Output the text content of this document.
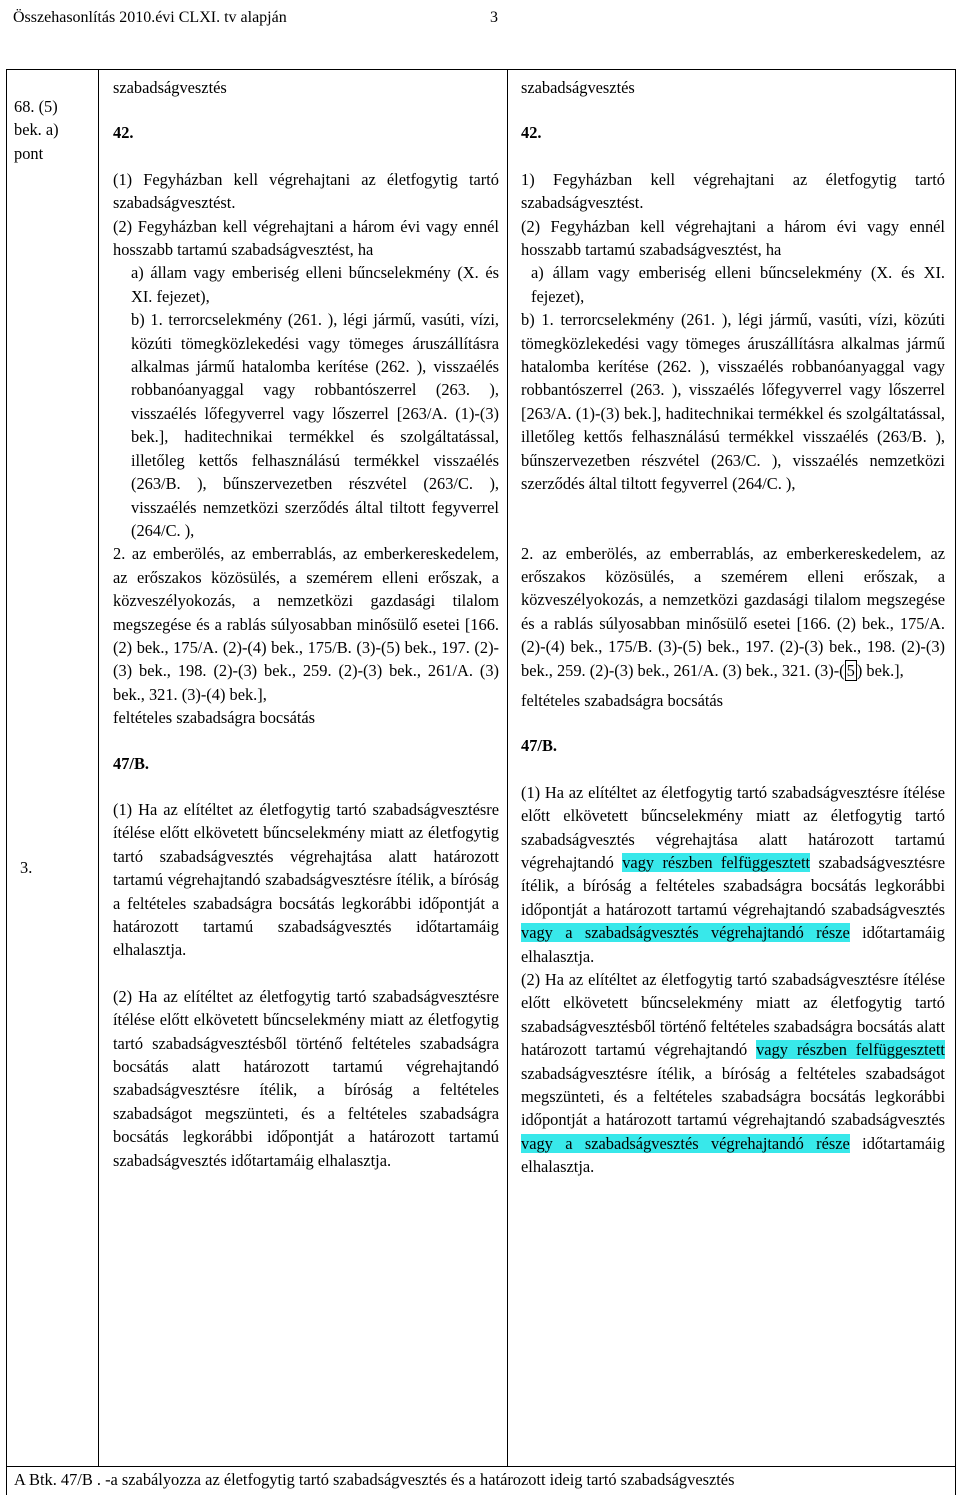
Összehasonlítás 2010.évi CLXI. tv alapján	3
68. (5) bek. a) pont
3.
szabadságvesztés
42.
(1) Fegyházban kell végrehajtani az életfogytig tartó szabadságvesztést.
(2) Fegyházban kell végrehajtani a három évi vagy ennél hosszabb tartamú szabadságvesztést, ha
a) állam vagy emberiség elleni bűncselekmény (X. és XI. fejezet),
b) 1. terrorcselekmény (261. ), légi jármű, vasúti, vízi, közúti tömegközlekedési vagy tömeges áruszállításra alkalmas jármű hatalomba kerítése (262. ), visszaélés robbanóanyaggal vagy robbantószerrel (263. ), visszaélés lőfegyverrel vagy lőszerrel [263/A. (1)-(3) bek.], haditechnikai termékkel és szolgáltatással, illetőleg kettős felhasználású termékkel visszaélés (263/B. ), bűnszervezetben részvétel (263/C. ), visszaélés nemzetközi szerződés által tiltott fegyverrel (264/C. ),
2. az emberölés, az emberrablás, az emberkereskedelem, az erőszakos közösülés, a szemérem elleni erőszak, a közveszélyokozás, a nemzetközi gazdasági tilalom megszegése és a rablás súlyosabban minősülő esetei [166. (2) bek., 175/A. (2)-(4) bek., 175/B. (3)-(5) bek., 197. (2)-(3) bek., 198. (2)-(3) bek., 259. (2)-(3) bek., 261/A. (3) bek., 321. (3)-(4) bek.],
feltételes szabadságra bocsátás
47/B.
(1) Ha az elítéltet az életfogytig tartó szabadságvesztésre ítélése előtt elkövetett bűncselekmény miatt az életfogytig tartó szabadságvesztés végrehajtása alatt határozott tartamú végrehajtandó szabadságvesztésre ítélik, a bíróság a feltételes szabadságra bocsátás legkorábbi időpontját a határozott tartamú szabadságvesztés időtartamáig elhalasztja.
(2) Ha az elítéltet az életfogytig tartó szabadságvesztésre ítélése előtt elkövetett bűncselekmény miatt az életfogytig tartó szabadságvesztésből történő feltételes szabadságra bocsátás alatt határozott tartamú végrehajtandó szabadságvesztésre ítélik, a bíróság a feltételes szabadságot megszünteti, és a feltételes szabadságra bocsátás legkorábbi időpontját a határozott tartamú szabadságvesztés időtartamáig elhalasztja.
szabadságvesztés
42.
1) Fegyházban kell végrehajtani az életfogytig tartó szabadságvesztést.
(2) Fegyházban kell végrehajtani a három évi vagy ennél hosszabb tartamú szabadságvesztést, ha
a) állam vagy emberiség elleni bűncselekmény (X. és XI. fejezet),
b) 1. terrorcselekmény (261. ), légi jármű, vasúti, vízi, közúti tömegközlekedési vagy tömeges áruszállításra alkalmas jármű hatalomba kerítése (262. ), visszaélés robbanóanyaggal vagy robbantószerrel (263. ), visszaélés lőfegyverrel vagy lőszerrel [263/A. (1)-(3) bek.], haditechnikai termékkel és szolgáltatással, illetőleg kettős felhasználású termékkel visszaélés (263/B. ), bűnszervezetben részvétel (263/C. ), visszaélés nemzetközi szerződés által tiltott fegyverrel (264/C. ),
2. az emberölés, az emberrablás, az emberkereskedelem, az erőszakos közösülés, a szemérem elleni erőszak, a közveszélyokozás, a nemzetközi gazdasági tilalom megszegése és a rablás súlyosabban minősülő esetei [166. (2) bek., 175/A. (2)-(4) bek., 175/B. (3)-(5) bek., 197. (2)-(3) bek., 198. (2)-(3) bek., 259. (2)-(3) bek., 261/A. (3) bek., 321. (3)-( 5 ) bek.],
feltételes szabadságra bocsátás
47/B.
(1) Ha az elítéltet az életfogytig tartó szabadságvesztésre ítélése előtt elkövetett bűncselekmény miatt az életfogytig tartó szabadságvesztés végrehajtása alatt határozott tartamú végrehajtandó vagy részben felfüggesztett szabadságvesztésre ítélik, a bíróság a feltételes szabadságra bocsátás legkorábbi időpontját a határozott tartamú végrehajtandó szabadságvesztés vagy a szabadságvesztés végrehajtandó része időtartamáig elhalasztja.
(2) Ha az elítéltet az életfogytig tartó szabadságvesztésre ítélése előtt elkövetett bűncselekmény miatt az életfogytig tartó szabadságvesztésből történő feltételes szabadságra bocsátás alatt határozott tartamú végrehajtandó vagy részben felfüggesztett szabadságvesztésre ítélik, a bíróság a feltételes szabadságot megszünteti, és a feltételes szabadságra bocsátás legkorábbi időpontját a határozott tartamú végrehajtandó szabadságvesztés vagy a szabadságvesztés végrehajtandó része időtartamáig elhalasztja.
A Btk. 47/B . -a szabályozza az életfogytig tartó szabadságvesztés és a határozott ideig tartó szabadságvesztés
